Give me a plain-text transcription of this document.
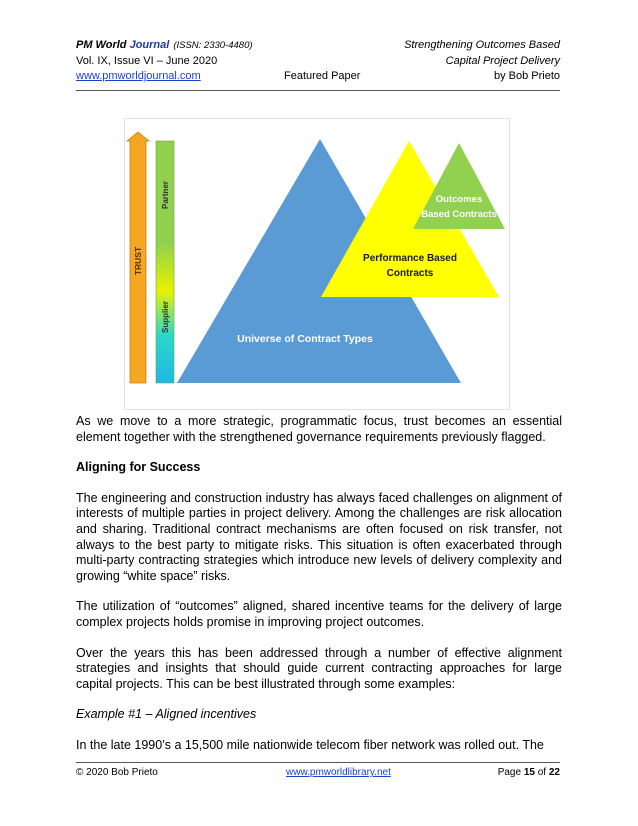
PM World Journal (ISSN: 2330-4480)	Strengthening Outcomes Based
Vol. IX, Issue VI – June 2020	Capital Project Delivery
www.pmworldjournal.com	Featured Paper	by Bob Prieto
TRUST
Partner
Supplier
Universe of Contract Types
Performance Based
Contracts
Outcomes
Based Contracts

As we move to a more strategic, programmatic focus, trust becomes an essential element together with the strengthened governance requirements previously flagged.

Aligning for Success

The engineering and construction industry has always faced challenges on alignment of interests of multiple parties in project delivery. Among the challenges are risk allocation and sharing. Traditional contract mechanisms are often focused on risk transfer, not always to the best party to mitigate risks. This situation is often exacerbated through multi-party contracting strategies which introduce new levels of delivery complexity and growing “white space” risks.

The utilization of “outcomes” aligned, shared incentive teams for the delivery of large complex projects holds promise in improving project outcomes.

Over the years this has been addressed through a number of effective alignment strategies and insights that should guide current contracting approaches for large capital projects. This can be best illustrated through some examples:

Example #1 – Aligned incentives
In the late 1990’s a 15,500 mile nationwide telecom fiber network was rolled out. The
© 2020 Bob Prieto	www.pmworldlibrary.net	Page 15 of 22
